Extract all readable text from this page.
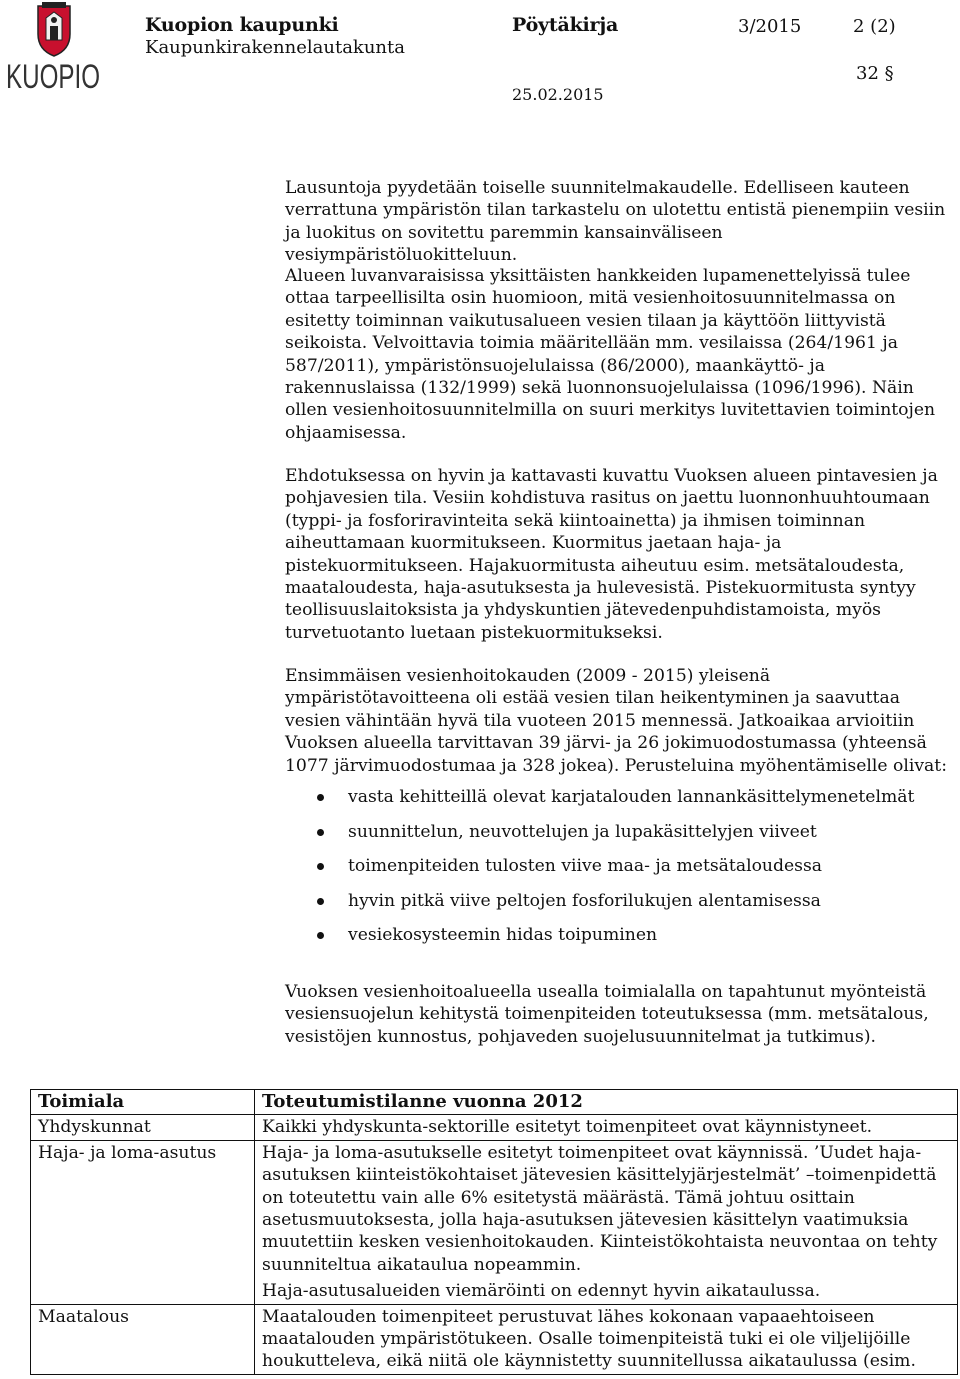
KUOPIO
Kuopion kaupunki
Kaupunkirakennelautakunta
Pöytäkirja	3/2015	2 (2)
32 §
25.02.2015

Lausuntoja pyydetään toiselle suunnitelmakaudelle. Edelliseen kauteen verrattuna ympäristön tilan tarkastelu on ulotettu entistä pienempiin vesiin ja luokitus on sovitettu paremmin kansainväliseen vesiympäristöluokitteluun.

Alueen luvanvaraisissa yksittäisten hankkeiden lupamenettelyissä tulee ottaa tarpeellisilta osin huomioon, mitä vesienhoitosuunnitelmassa on esitetty toiminnan vaikutusalueen vesien tilaan ja käyttöön liittyvistä seikoista. Velvoittavia toimia määritellään mm. vesilaissa (264/1961 ja 587/2011), ympäristönsuojelulaissa (86/2000), maankäyttö- ja rakennuslaissa (132/1999) sekä luonnonsuojelulaissa (1096/1996). Näin ollen vesienhoitosuunnitelmilla on suuri merkitys luvitettavien toimintojen ohjaamisessa.

Ehdotuksessa on hyvin ja kattavasti kuvattu Vuoksen alueen pintavesien ja pohjavesien tila. Vesiin kohdistuva rasitus on jaettu luonnonhuuhtoumaan (typpi- ja fosforiravinteita sekä kiintoainetta) ja ihmisen toiminnan aiheuttamaan kuormitukseen. Kuormitus jaetaan haja- ja pistekuormitukseen. Hajakuormitusta aiheutuu esim. metsätaloudesta, maataloudesta, haja-asutuksesta ja hulevesistä. Pistekuormitusta syntyy teollisuuslaitoksista ja yhdyskuntien jätevedenpuhdistamoista, myös turvetuotanto luetaan pistekuormitukseksi.

Ensimmäisen vesienhoitokauden (2009 - 2015) yleisenä ympäristötavoitteena oli estää vesien tilan heikentyminen ja saavuttaa vesien vähintään hyvä tila vuoteen 2015 mennessä. Jatkoaikaa arvioitiin Vuoksen alueella tarvittavan 39 järvi- ja 26 jokimuodostumassa (yhteensä 1077 järvimuodostumaa ja 328 jokea). Perusteluina myöhentämiselle olivat:

vasta kehitteillä olevat karjatalouden lannankäsittelymenetelmät
suunnittelun, neuvottelujen ja lupakäsittelyjen viiveet
toimenpiteiden tulosten viive maa- ja metsätaloudessa
hyvin pitkä viive peltojen fosforilukujen alentamisessa
vesiekosysteemin hidas toipuminen

Vuoksen vesienhoitoalueella usealla toimialalla on tapahtunut myönteistä vesiensuojelun kehitystä toimenpiteiden toteutuksessa (mm. metsätalous, vesistöjen kunnostus, pohjaveden suojelusuunnitelmat ja tutkimus).

Toimiala	Toteutumistilanne vuonna 2012
Yhdyskunnat	Kaikki yhdyskunta-sektorille esitetyt toimenpiteet ovat käynnistyneet.
Haja- ja loma-asutus	Haja- ja loma-asutukselle esitetyt toimenpiteet ovat käynnissä. ’Uudet haja-asutuksen kiinteistökohtaiset jätevesien käsittelyjärjestelmät’ –toimenpidettä on toteutettu vain alle 6% esitetystä määrästä. Tämä johtuu osittain asetusmuutoksesta, jolla haja-asutuksen jätevesien käsittelyn vaatimuksia muutettiin kesken vesienhoitokauden. Kiinteistökohtaista neuvontaa on tehty suunniteltua aikataulua nopeammin.
Haja-asutusalueiden viemäröinti on edennyt hyvin aikataulussa.
Maatalous	Maatalouden toimenpiteet perustuvat lähes kokonaan vapaaehtoiseen maatalouden ympäristötukeen. Osalle toimenpiteistä tuki ei ole viljelijöille houkutteleva, eikä niitä ole käynnistetty suunnitellussa aikataulussa (esim.
